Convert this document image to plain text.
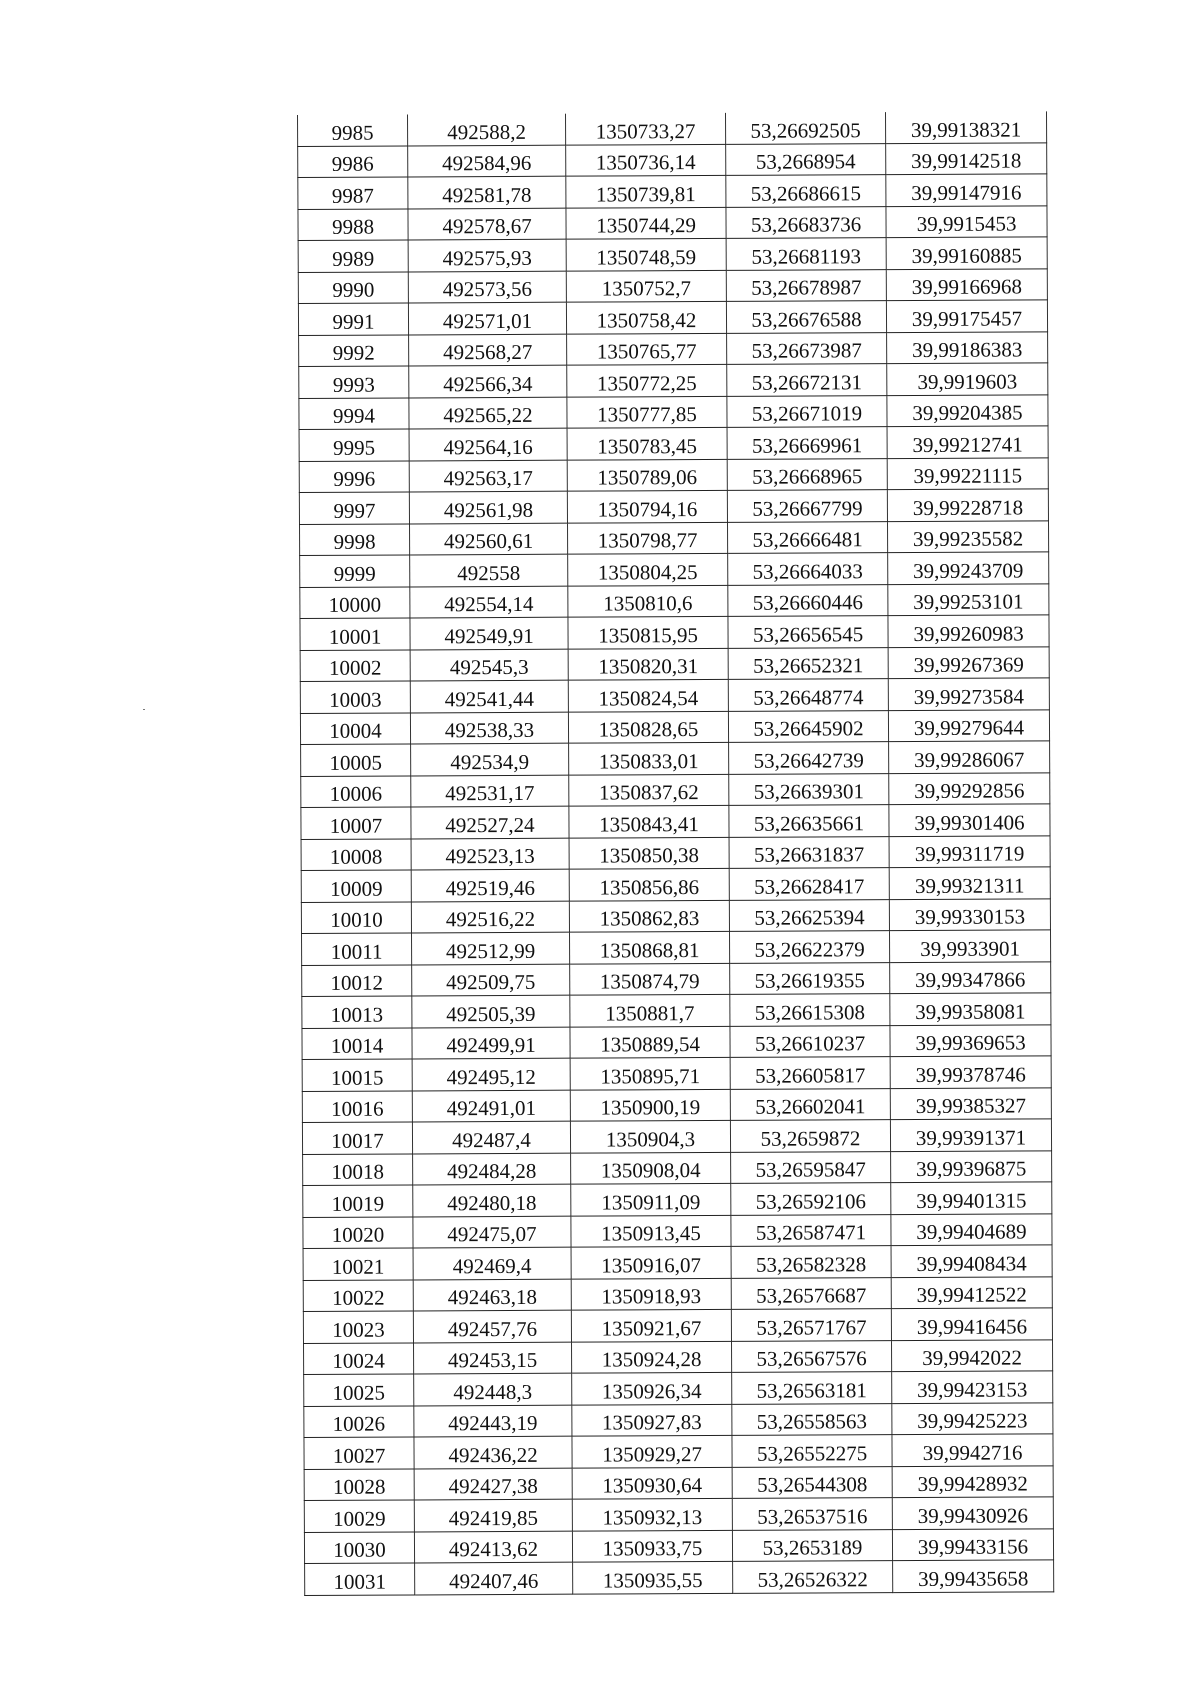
9985	492588,2	1350733,27	53,26692505	39,99138321
9986	492584,96	1350736,14	53,2668954	39,99142518
9987	492581,78	1350739,81	53,26686615	39,99147916
9988	492578,67	1350744,29	53,26683736	39,9915453
9989	492575,93	1350748,59	53,26681193	39,99160885
9990	492573,56	1350752,7	53,26678987	39,99166968
9991	492571,01	1350758,42	53,26676588	39,99175457
9992	492568,27	1350765,77	53,26673987	39,99186383
9993	492566,34	1350772,25	53,26672131	39,9919603
9994	492565,22	1350777,85	53,26671019	39,99204385
9995	492564,16	1350783,45	53,26669961	39,99212741
9996	492563,17	1350789,06	53,26668965	39,99221115
9997	492561,98	1350794,16	53,26667799	39,99228718
9998	492560,61	1350798,77	53,26666481	39,99235582
9999	492558	1350804,25	53,26664033	39,99243709
10000	492554,14	1350810,6	53,26660446	39,99253101
10001	492549,91	1350815,95	53,26656545	39,99260983
10002	492545,3	1350820,31	53,26652321	39,99267369
10003	492541,44	1350824,54	53,26648774	39,99273584
10004	492538,33	1350828,65	53,26645902	39,99279644
10005	492534,9	1350833,01	53,26642739	39,99286067
10006	492531,17	1350837,62	53,26639301	39,99292856
10007	492527,24	1350843,41	53,26635661	39,99301406
10008	492523,13	1350850,38	53,26631837	39,99311719
10009	492519,46	1350856,86	53,26628417	39,99321311
10010	492516,22	1350862,83	53,26625394	39,99330153
10011	492512,99	1350868,81	53,26622379	39,9933901
10012	492509,75	1350874,79	53,26619355	39,99347866
10013	492505,39	1350881,7	53,26615308	39,99358081
10014	492499,91	1350889,54	53,26610237	39,99369653
10015	492495,12	1350895,71	53,26605817	39,99378746
10016	492491,01	1350900,19	53,26602041	39,99385327
10017	492487,4	1350904,3	53,2659872	39,99391371
10018	492484,28	1350908,04	53,26595847	39,99396875
10019	492480,18	1350911,09	53,26592106	39,99401315
10020	492475,07	1350913,45	53,26587471	39,99404689
10021	492469,4	1350916,07	53,26582328	39,99408434
10022	492463,18	1350918,93	53,26576687	39,99412522
10023	492457,76	1350921,67	53,26571767	39,99416456
10024	492453,15	1350924,28	53,26567576	39,9942022
10025	492448,3	1350926,34	53,26563181	39,99423153
10026	492443,19	1350927,83	53,26558563	39,99425223
10027	492436,22	1350929,27	53,26552275	39,9942716
10028	492427,38	1350930,64	53,26544308	39,99428932
10029	492419,85	1350932,13	53,26537516	39,99430926
10030	492413,62	1350933,75	53,2653189	39,99433156
10031	492407,46	1350935,55	53,26526322	39,99435658
